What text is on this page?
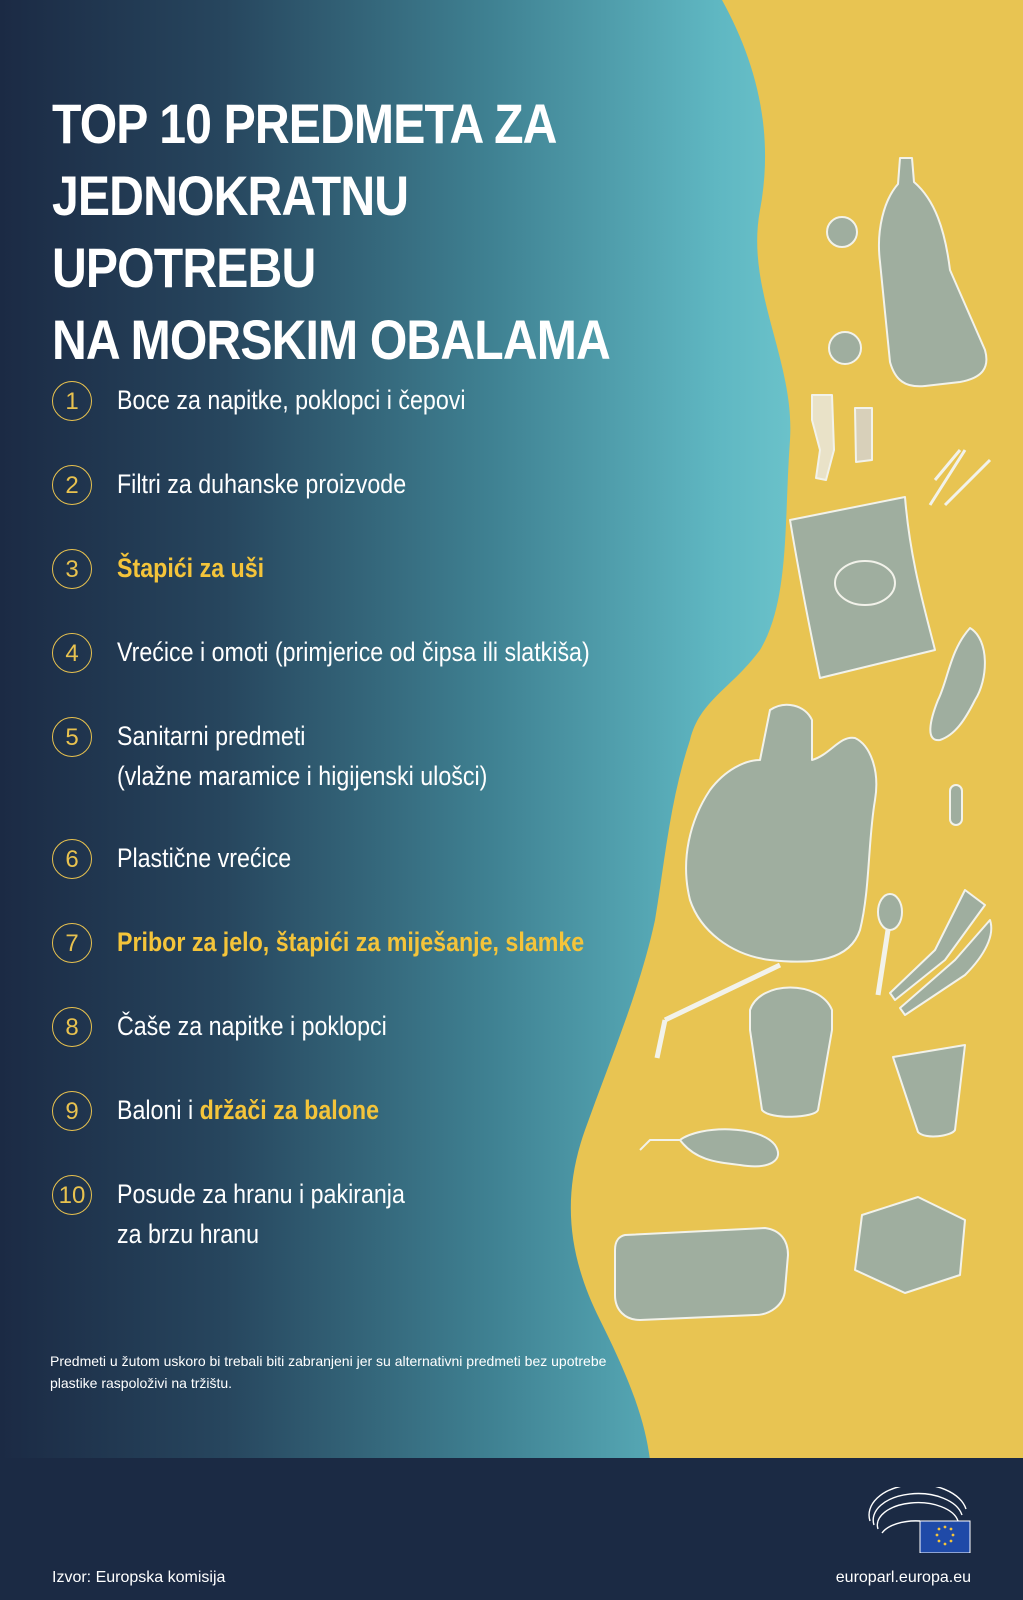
TOP 10 PREDMETA ZA
JEDNOKRATNU UPOTREBU
NA MORSKIM OBALAMA
1	Boce za napitke, poklopci i čepovi
2	Filtri za duhanske proizvode
3	Štapići za uši
4	Vrećice i omoti (primjerice od čipsa ili slatkiša)
5	Sanitarni predmeti
(vlažne maramice i higijenski ulošci)
6	Plastične vrećice
7	Pribor za jelo, štapići za miješanje, slamke
8	Čaše za napitke i poklopci
9	Baloni i držači za balone
10 Posude za hranu i pakiranja
za brzu hranu

Predmeti u žutom uskoro bi trebali biti zabranjeni jer su alternativni predmeti bez upotrebe plastike raspoloživi na tržištu.

Izvor: Europska komisija	europarl.europa.eu
